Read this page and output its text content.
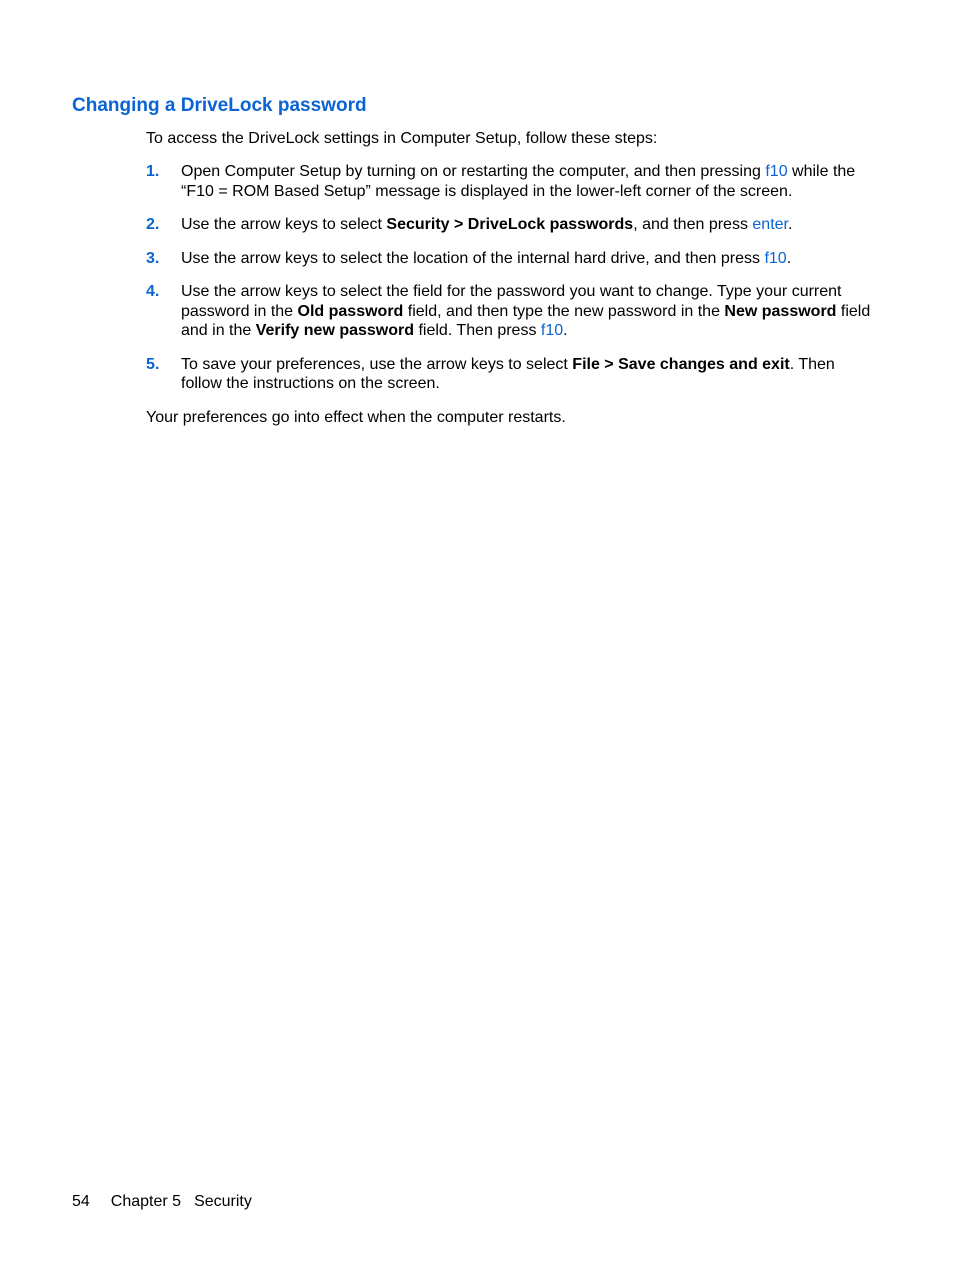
Changing a DriveLock password

To access the DriveLock settings in Computer Setup, follow these steps:

1. Open Computer Setup by turning on or restarting the computer, and then pressing f10 while the “F10 = ROM Based Setup” message is displayed in the lower-left corner of the screen.
2. Use the arrow keys to select Security > DriveLock passwords, and then press enter.
3. Use the arrow keys to select the location of the internal hard drive, and then press f10.
4. Use the arrow keys to select the field for the password you want to change. Type your current password in the Old password field, and then type the new password in the New password field and in the Verify new password field. Then press f10.
5. To save your preferences, use the arrow keys to select File > Save changes and exit. Then follow the instructions on the screen.

Your preferences go into effect when the computer restarts.

54 Chapter 5 Security
